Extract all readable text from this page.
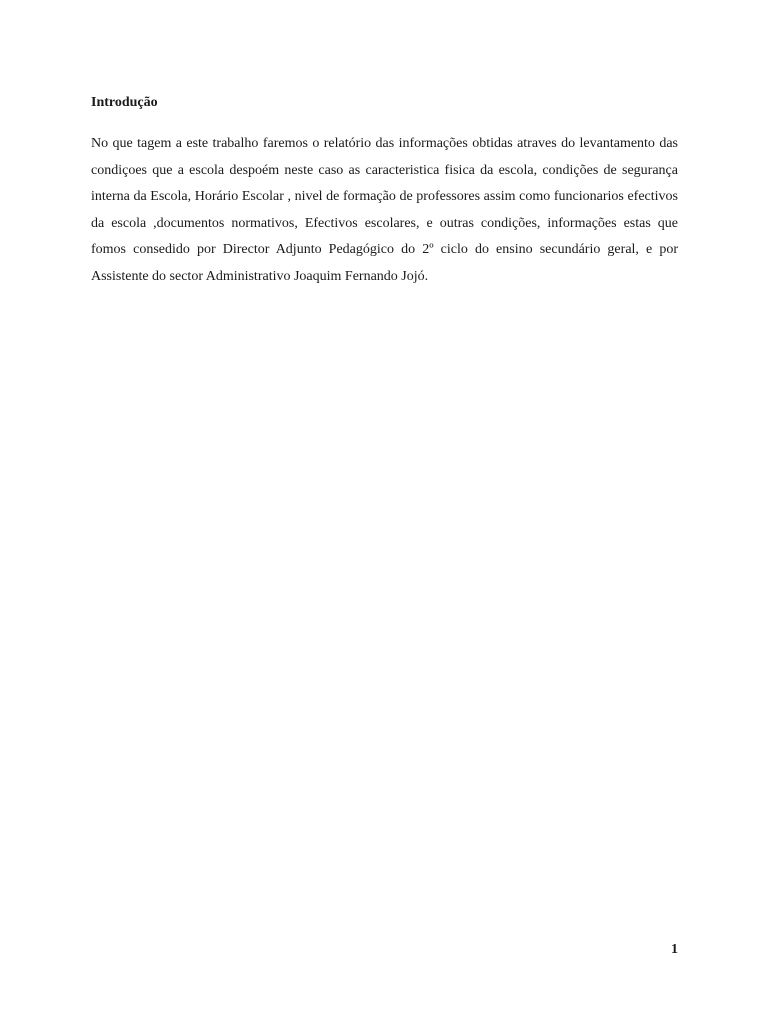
Introdução

No que tagem a este trabalho faremos o relatório das informações obtidas atraves do levantamento das condiçoes que a escola despoém neste caso as caracteristica fisica da escola, condições de segurança interna da Escola, Horário Escolar , nivel de formação de professores assim como funcionarios efectivos da escola ,documentos normativos, Efectivos escolares, e outras condições, informações estas que fomos consedido por Director Adjunto Pedagógico do 2º ciclo do ensino secundário geral, e por Assistente do sector Administrativo Joaquim Fernando Jojó.

1
